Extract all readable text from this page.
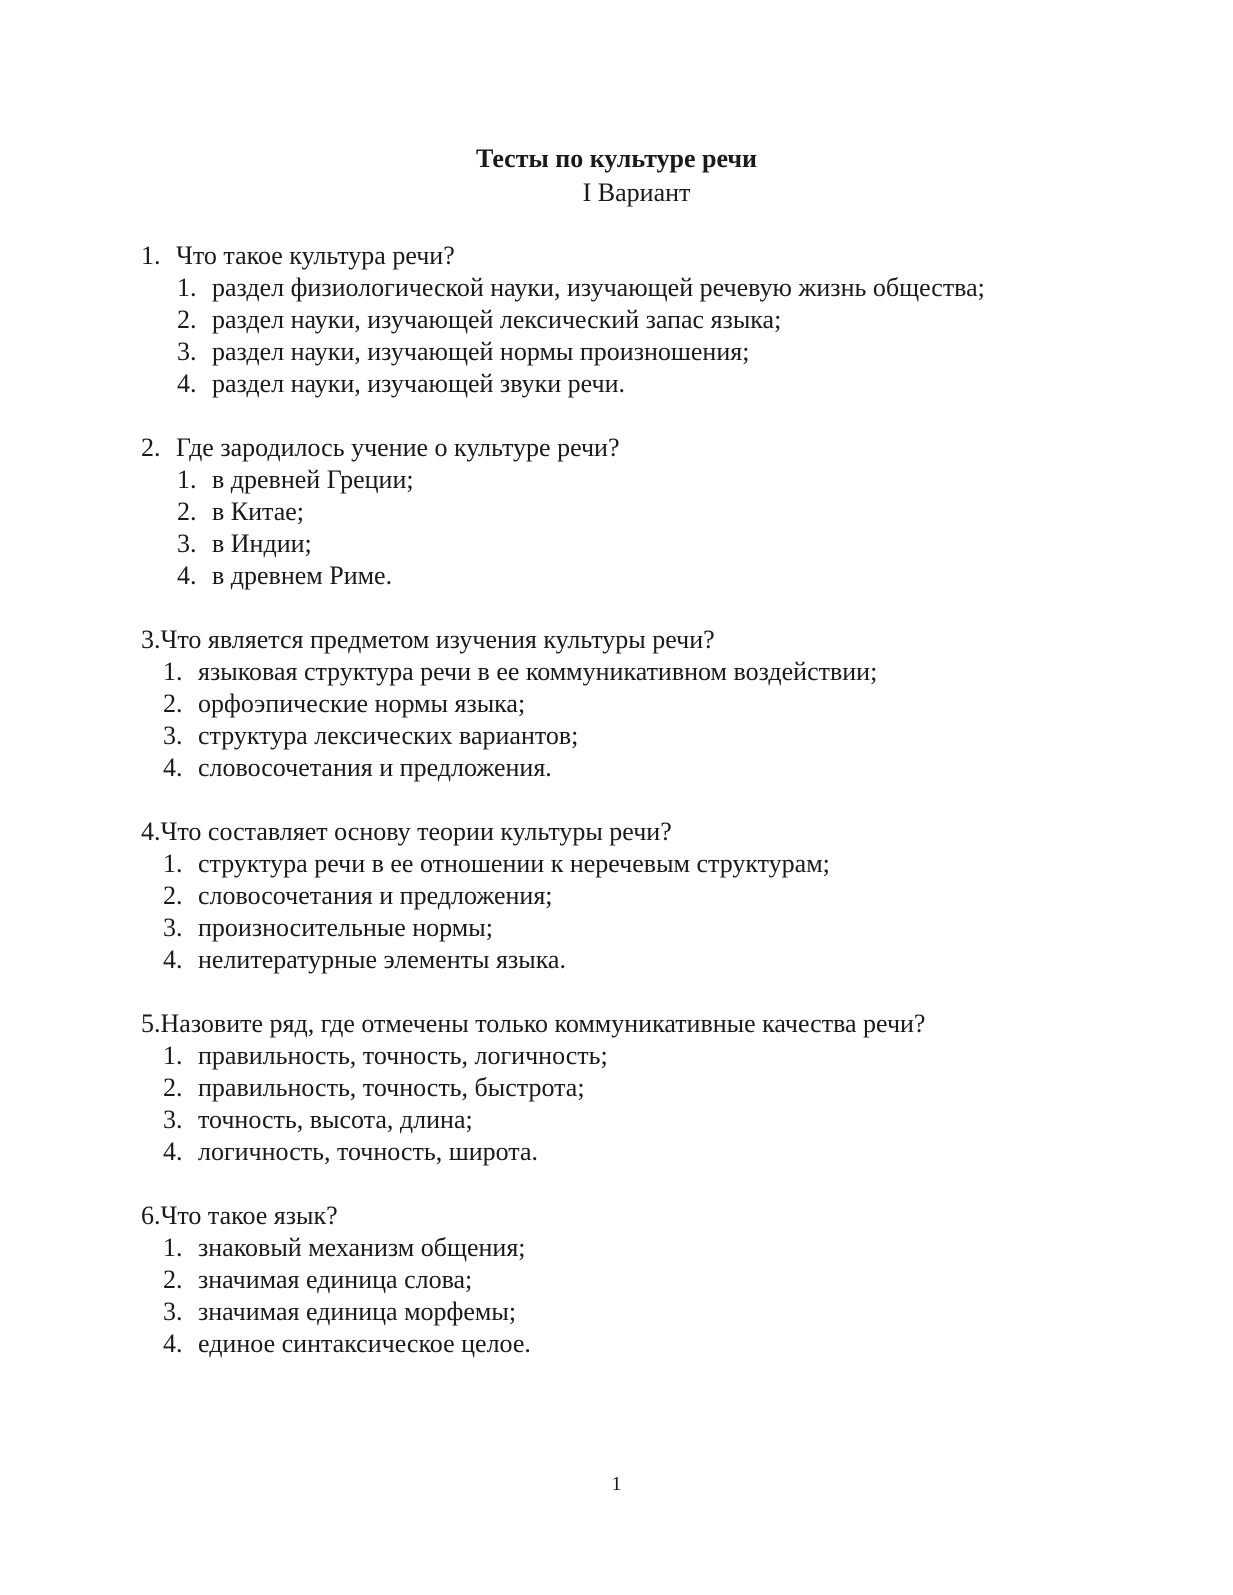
Тесты по культуре речи

I Вариант

1. Что такое культура речи?
1. раздел физиологической науки, изучающей речевую жизнь общества;
2. раздел науки, изучающей лексический запас языка;
3. раздел науки, изучающей нормы произношения;
4. раздел науки, изучающей звуки речи.
2. Где зародилось учение о культуре речи?
1. в древней Греции;
2. в Китае;
3. в Индии;
4. в древнем Риме.
3. Что является предметом изучения культуры речи?
1. языковая структура речи в ее коммуникативном воздействии;
2. орфоэпические нормы языка;
3. структура лексических вариантов;
4. словосочетания и предложения.
4. Что составляет основу теории культуры речи?
1. структура речи в ее отношении к неречевым структурам;
2. словосочетания и предложения;
3. произносительные нормы;
4. нелитературные элементы языка.
5. Назовите ряд, где отмечены только коммуникативные качества речи?
1. правильность, точность, логичность;
2. правильность, точность, быстрота;
3. точность, высота, длина;
4. логичность, точность, широта.
6. Что такое язык?
1. знаковый механизм общения;
2. значимая единица слова;
3. значимая единица морфемы;
4. единое синтаксическое целое.

1
